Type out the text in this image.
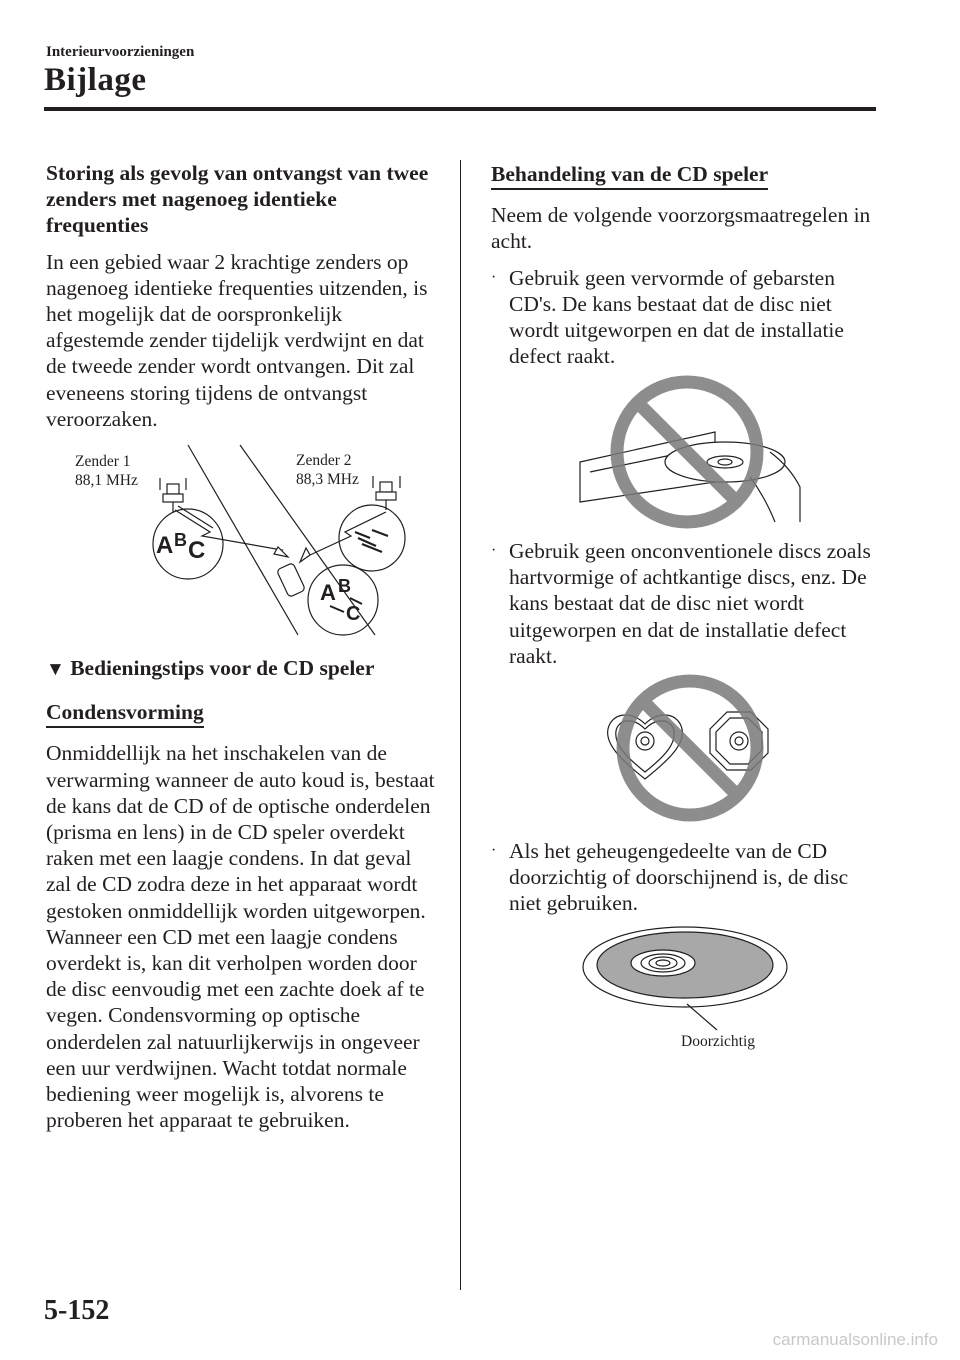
Interieurvoorzieningen
Bijlage
Storing als gevolg van ontvangst van twee zenders met nagenoeg identieke frequenties

In een gebied waar 2 krachtige zenders op nagenoeg identieke frequenties uitzenden, is het mogelijk dat de oorspronkelijk afgestemde zender tijdelijk verdwijnt en dat de tweede zender wordt ontvangen. Dit zal eveneens storing tijdens de ontvangst veroorzaken.

Zender 1
88,1 MHz
Zender 2
88,3 MHz
A B C
A B
C
▼ Bedieningstips voor de CD speler
Condensvorming

Onmiddellijk na het inschakelen van de verwarming wanneer de auto koud is, bestaat de kans dat de CD of de optische onderdelen (prisma en lens) in de CD speler overdekt raken met een laagje condens. In dat geval zal de CD zodra deze in het apparaat wordt gestoken onmiddellijk worden uitgeworpen. Wanneer een CD met een laagje condens overdekt is, kan dit verholpen worden door de disc eenvoudig met een zachte doek af te vegen. Condensvorming op optische onderdelen zal natuurlijkerwijs in ongeveer een uur verdwijnen. Wacht totdat normale bediening weer mogelijk is, alvorens te proberen het apparaat te gebruiken.

Behandeling van de CD speler

Neem de volgende voorzorgsmaatregelen in acht.

· Gebruik geen vervormde of gebarsten CD's. De kans bestaat dat de disc niet wordt uitgeworpen en dat de installatie defect raakt.

· Gebruik geen onconventionele discs zoals hartvormige of achtkantige discs, enz. De kans bestaat dat de disc niet wordt uitgeworpen en dat de installatie defect raakt.

· Als het geheugengedeelte van de CD doorzichtig of doorschijnend is, de disc niet gebruiken.

Doorzichtig
5-152
carmanualsonline.info
